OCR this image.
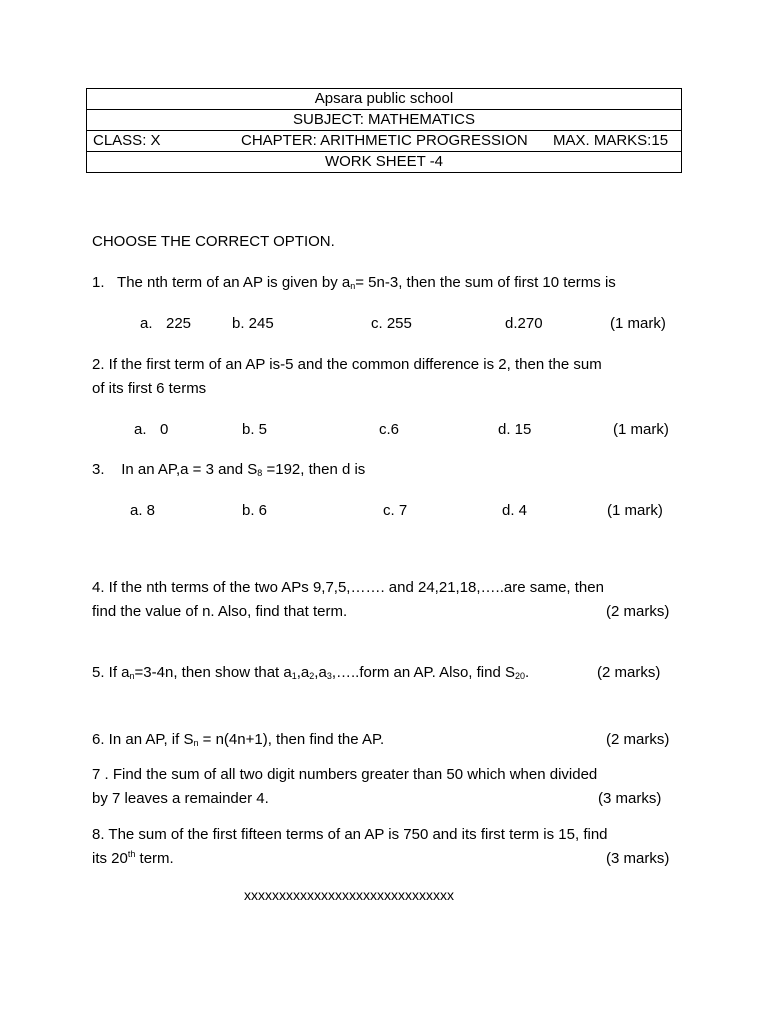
Apsara public school
SUBJECT: MATHEMATICS

CLASS: X	CHAPTER: ARITHMETIC PROGRESSION MAX. MARKS:15

WORK SHEET -4
CHOOSE THE CORRECT OPTION.
1. The nth term of an AP is given by $a_n= 5n-3$, then the sum of first 10 terms is
a. 225	b. 245	c. 255	d.270	(1 mark)
2. If the first term of an AP is-5 and the common difference is 2, then the sum
of its first 6 terms
a. 0	b. 5	c.6	d. 15	(1 mark)
3. In an AP,a = 3 and $S_8 =192$, then d is
a. 8	b. 6	c. 7	d. 4	(1 mark)
4. If the nth terms of the two APs 9,7,5,……. and 24,21,18,…..are same, then
find the value of n. Also, find that term.	(2 marks)
5. If $a_n=3-4n$, then show that $a_1,a_2,a_3,\dots..form$ an AP. Also, find $S_{20}$.	(2 marks)
6. In an AP, if $S_n = n(4n+1)$, then find the AP.	(2 marks)
7 . Find the sum of all two digit numbers greater than 50 which when divided
by 7 leaves a remainder 4.	(3 marks)
8. The sum of the first fifteen terms of an AP is 750 and its first term is 15, find
its 20th term.	(3 marks)
xxxxxxxxxxxxxxxxxxxxxxxxxxxxxx
